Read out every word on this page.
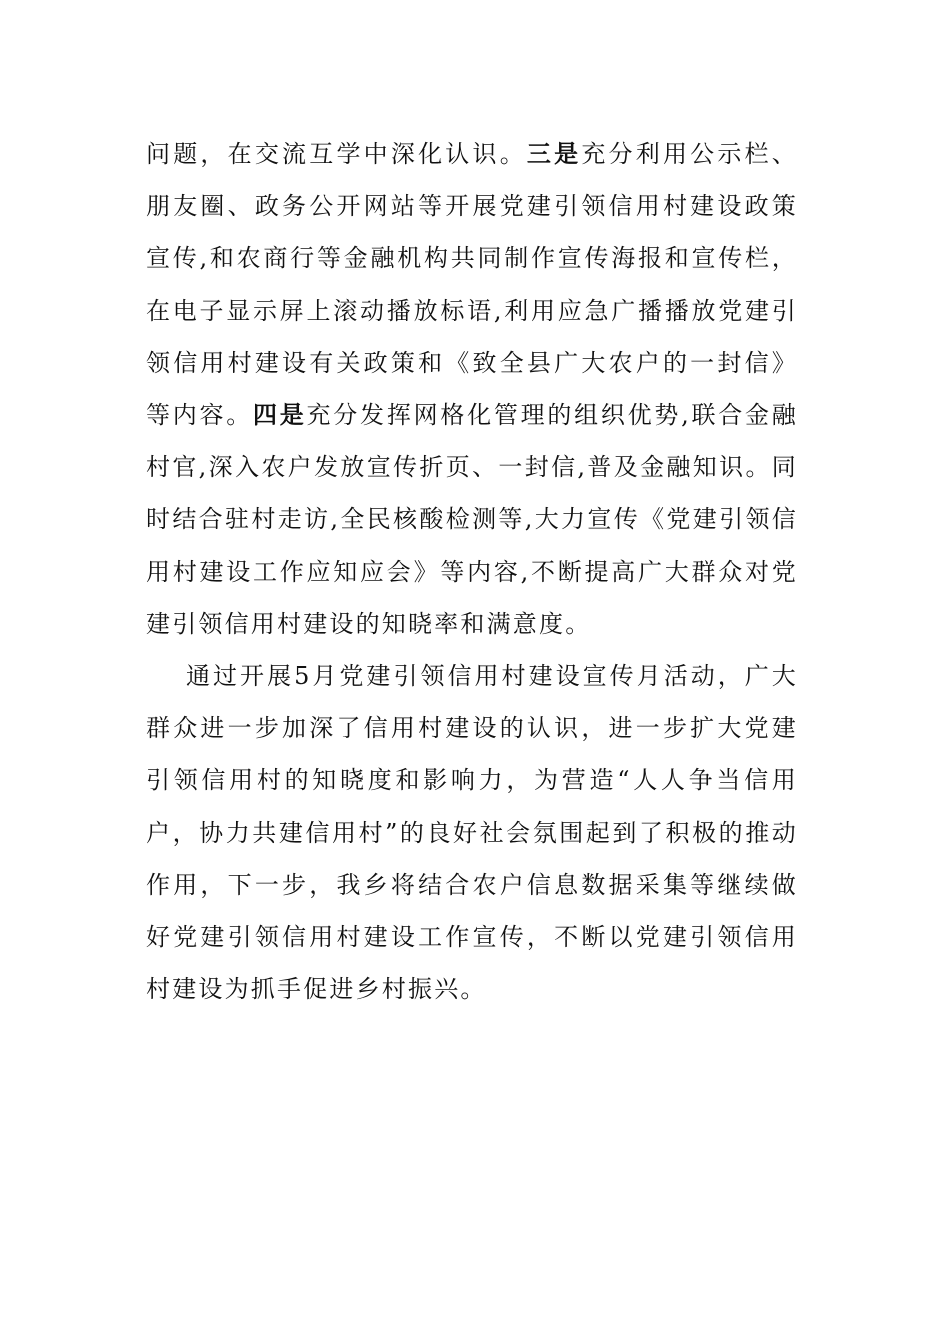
问题，在交流互学中深化认识。三是充分利用公示栏、朋友圈、政务公开网站等开展党建引领信用村建设政策宣传,和农商行等金融机构共同制作宣传海报和宣传栏，在电子显示屏上滚动播放标语,利用应急广播播放党建引领信用村建设有关政策和《致全县广大农户的一封信》等内容。四是充分发挥网格化管理的组织优势,联合金融村官,深入农户发放宣传折页、一封信,普及金融知识。同时结合驻村走访,全民核酸检测等,大力宣传《党建引领信用村建设工作应知应会》等内容,不断提高广大群众对党建引领信用村建设的知晓率和满意度。

通过开展5月党建引领信用村建设宣传月活动，广大群众进一步加深了信用村建设的认识，进一步扩大党建引领信用村的知晓度和影响力，为营造“人人争当信用户，协力共建信用村”的良好社会氛围起到了积极的推动作用，下一步，我乡将结合农户信息数据采集等继续做好党建引领信用村建设工作宣传，不断以党建引领信用村建设为抓手促进乡村振兴。
